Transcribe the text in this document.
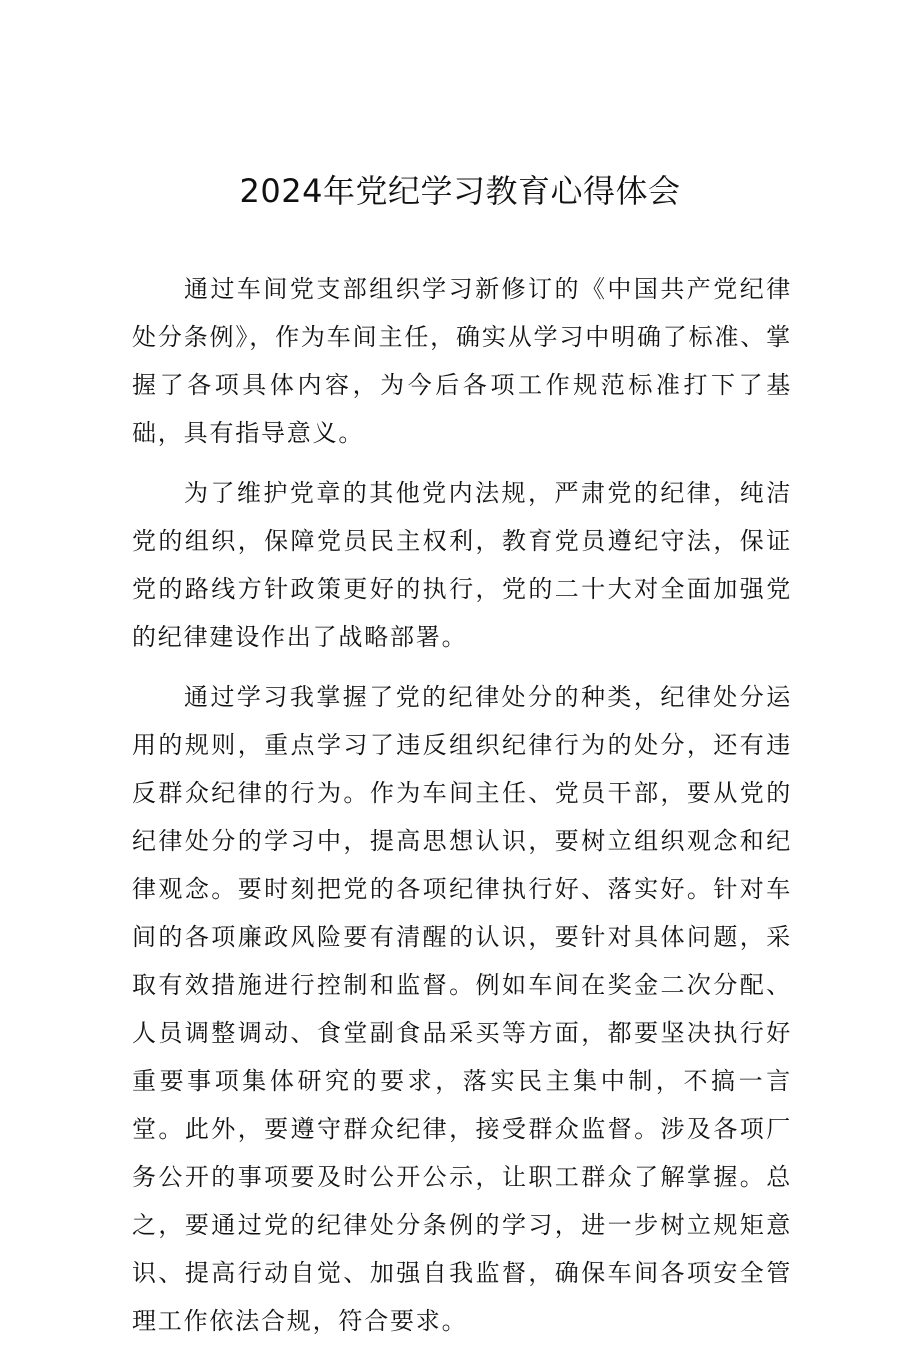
2024年党纪学习教育心得体会

通过车间党支部组织学习新修订的《中国共产党纪律处分条例》，作为车间主任，确实从学习中明确了标准、掌握了各项具体内容，为今后各项工作规范标准打下了基础，具有指导意义。

为了维护党章的其他党内法规，严肃党的纪律，纯洁党的组织，保障党员民主权利，教育党员遵纪守法，保证党的路线方针政策更好的执行，党的二十大对全面加强党的纪律建设作出了战略部署。

通过学习我掌握了党的纪律处分的种类，纪律处分运用的规则，重点学习了违反组织纪律行为的处分，还有违反群众纪律的行为。作为车间主任、党员干部，要从党的纪律处分的学习中，提高思想认识，要树立组织观念和纪律观念。要时刻把党的各项纪律执行好、落实好。针对车间的各项廉政风险要有清醒的认识，要针对具体问题，采取有效措施进行控制和监督。例如车间在奖金二次分配、人员调整调动、食堂副食品采买等方面，都要坚决执行好重要事项集体研究的要求，落实民主集中制，不搞一言堂。此外，要遵守群众纪律，接受群众监督。涉及各项厂务公开的事项要及时公开公示，让职工群众了解掌握。总之，要通过党的纪律处分条例的学习，进一步树立规矩意识、提高行动自觉、加强自我监督，确保车间各项安全管理工作依法合规，符合要求。
